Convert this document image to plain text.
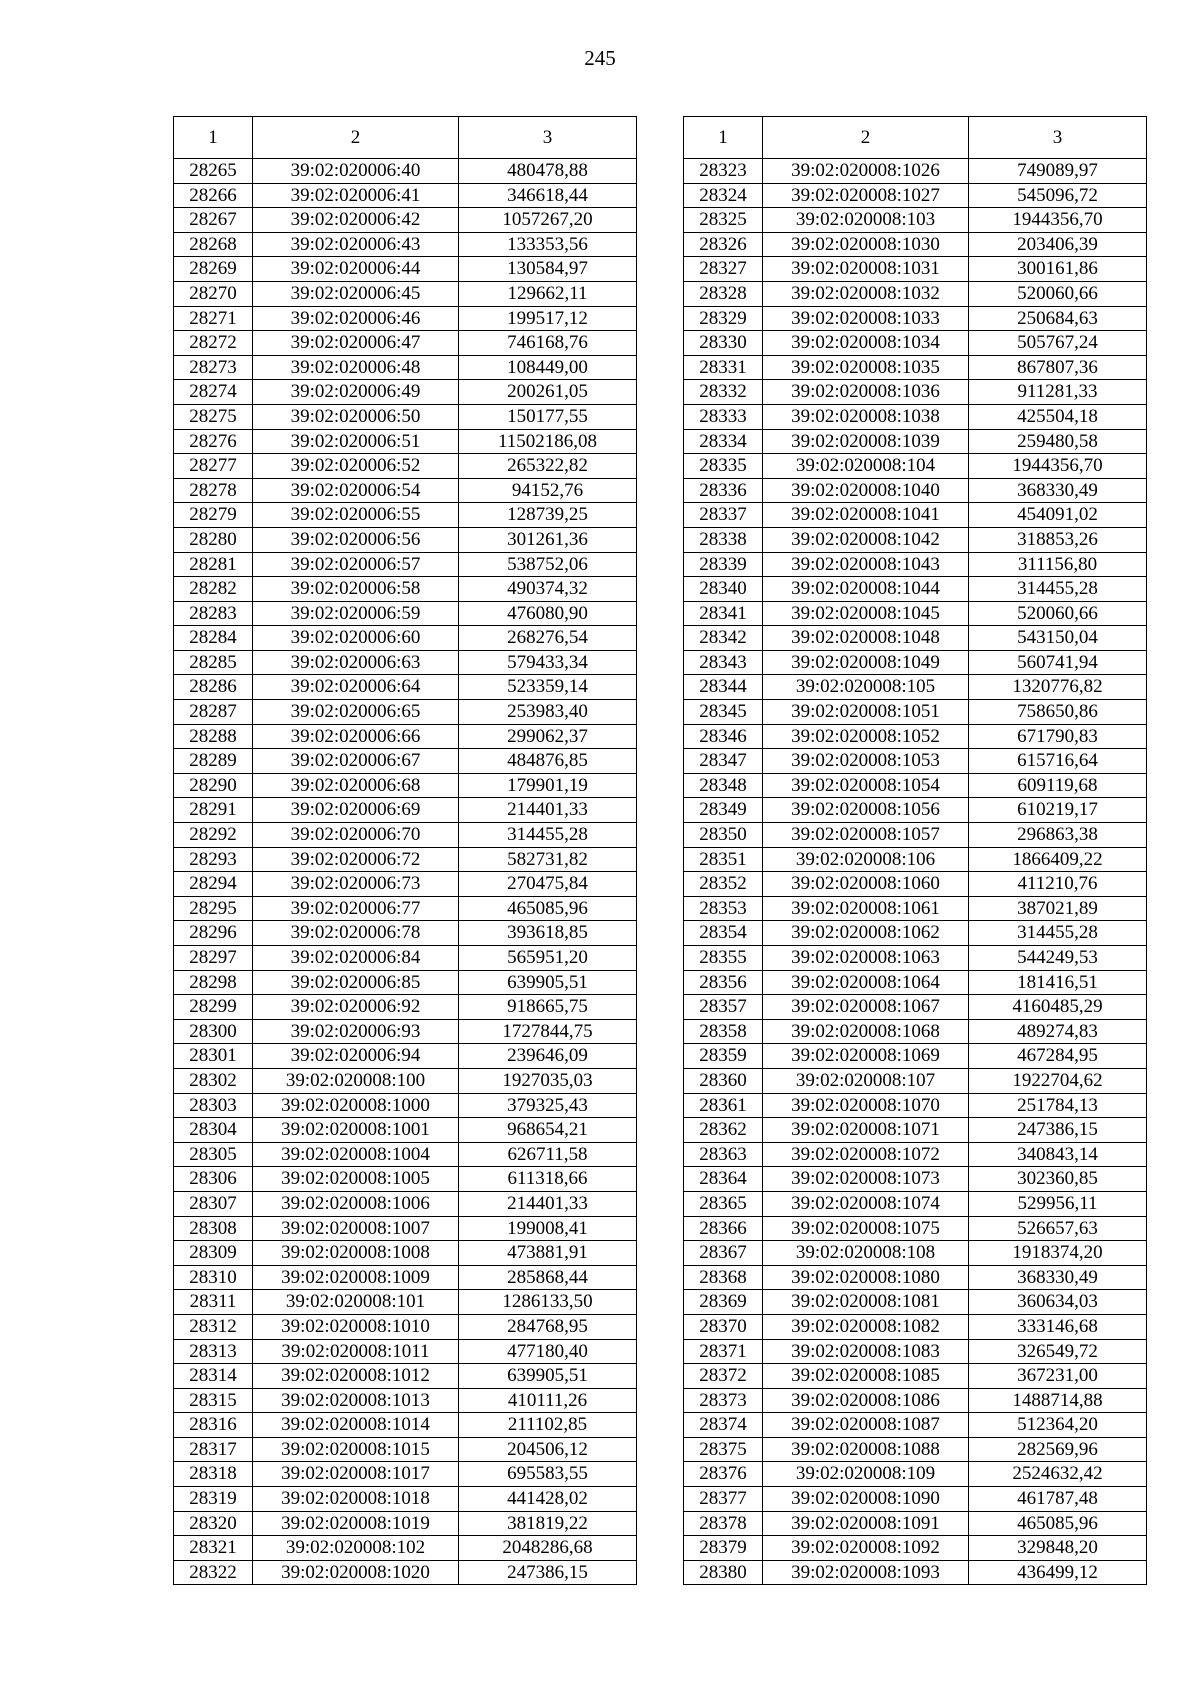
245
1	2	3
28265	39:02:020006:40	480478,88
28266	39:02:020006:41	346618,44
28267	39:02:020006:42	1057267,20
28268	39:02:020006:43	133353,56
28269	39:02:020006:44	130584,97
28270	39:02:020006:45	129662,11
28271	39:02:020006:46	199517,12
28272	39:02:020006:47	746168,76
28273	39:02:020006:48	108449,00
28274	39:02:020006:49	200261,05
28275	39:02:020006:50	150177,55
28276	39:02:020006:51	11502186,08
28277	39:02:020006:52	265322,82
28278	39:02:020006:54	94152,76
28279	39:02:020006:55	128739,25
28280	39:02:020006:56	301261,36
28281	39:02:020006:57	538752,06
28282	39:02:020006:58	490374,32
28283	39:02:020006:59	476080,90
28284	39:02:020006:60	268276,54
28285	39:02:020006:63	579433,34
28286	39:02:020006:64	523359,14
28287	39:02:020006:65	253983,40
28288	39:02:020006:66	299062,37
28289	39:02:020006:67	484876,85
28290	39:02:020006:68	179901,19
28291	39:02:020006:69	214401,33
28292	39:02:020006:70	314455,28
28293	39:02:020006:72	582731,82
28294	39:02:020006:73	270475,84
28295	39:02:020006:77	465085,96
28296	39:02:020006:78	393618,85
28297	39:02:020006:84	565951,20
28298	39:02:020006:85	639905,51
28299	39:02:020006:92	918665,75
28300	39:02:020006:93	1727844,75
28301	39:02:020006:94	239646,09
28302	39:02:020008:100	1927035,03
28303	39:02:020008:1000	379325,43
28304	39:02:020008:1001	968654,21
28305	39:02:020008:1004	626711,58
28306	39:02:020008:1005	611318,66
28307	39:02:020008:1006	214401,33
28308	39:02:020008:1007	199008,41
28309	39:02:020008:1008	473881,91
28310	39:02:020008:1009	285868,44
28311	39:02:020008:101	1286133,50
28312	39:02:020008:1010	284768,95
28313	39:02:020008:1011	477180,40
28314	39:02:020008:1012	639905,51
28315	39:02:020008:1013	410111,26
28316	39:02:020008:1014	211102,85
28317	39:02:020008:1015	204506,12
28318	39:02:020008:1017	695583,55
28319	39:02:020008:1018	441428,02
28320	39:02:020008:1019	381819,22
28321	39:02:020008:102	2048286,68
28322	39:02:020008:1020	247386,15
1	2	3
28323	39:02:020008:1026	749089,97
28324	39:02:020008:1027	545096,72
28325	39:02:020008:103	1944356,70
28326	39:02:020008:1030	203406,39
28327	39:02:020008:1031	300161,86
28328	39:02:020008:1032	520060,66
28329	39:02:020008:1033	250684,63
28330	39:02:020008:1034	505767,24
28331	39:02:020008:1035	867807,36
28332	39:02:020008:1036	911281,33
28333	39:02:020008:1038	425504,18
28334	39:02:020008:1039	259480,58
28335	39:02:020008:104	1944356,70
28336	39:02:020008:1040	368330,49
28337	39:02:020008:1041	454091,02
28338	39:02:020008:1042	318853,26
28339	39:02:020008:1043	311156,80
28340	39:02:020008:1044	314455,28
28341	39:02:020008:1045	520060,66
28342	39:02:020008:1048	543150,04
28343	39:02:020008:1049	560741,94
28344	39:02:020008:105	1320776,82
28345	39:02:020008:1051	758650,86
28346	39:02:020008:1052	671790,83
28347	39:02:020008:1053	615716,64
28348	39:02:020008:1054	609119,68
28349	39:02:020008:1056	610219,17
28350	39:02:020008:1057	296863,38
28351	39:02:020008:106	1866409,22
28352	39:02:020008:1060	411210,76
28353	39:02:020008:1061	387021,89
28354	39:02:020008:1062	314455,28
28355	39:02:020008:1063	544249,53
28356	39:02:020008:1064	181416,51
28357	39:02:020008:1067	4160485,29
28358	39:02:020008:1068	489274,83
28359	39:02:020008:1069	467284,95
28360	39:02:020008:107	1922704,62
28361	39:02:020008:1070	251784,13
28362	39:02:020008:1071	247386,15
28363	39:02:020008:1072	340843,14
28364	39:02:020008:1073	302360,85
28365	39:02:020008:1074	529956,11
28366	39:02:020008:1075	526657,63
28367	39:02:020008:108	1918374,20
28368	39:02:020008:1080	368330,49
28369	39:02:020008:1081	360634,03
28370	39:02:020008:1082	333146,68
28371	39:02:020008:1083	326549,72
28372	39:02:020008:1085	367231,00
28373	39:02:020008:1086	1488714,88
28374	39:02:020008:1087	512364,20
28375	39:02:020008:1088	282569,96
28376	39:02:020008:109	2524632,42
28377	39:02:020008:1090	461787,48
28378	39:02:020008:1091	465085,96
28379	39:02:020008:1092	329848,20
28380	39:02:020008:1093	436499,12
